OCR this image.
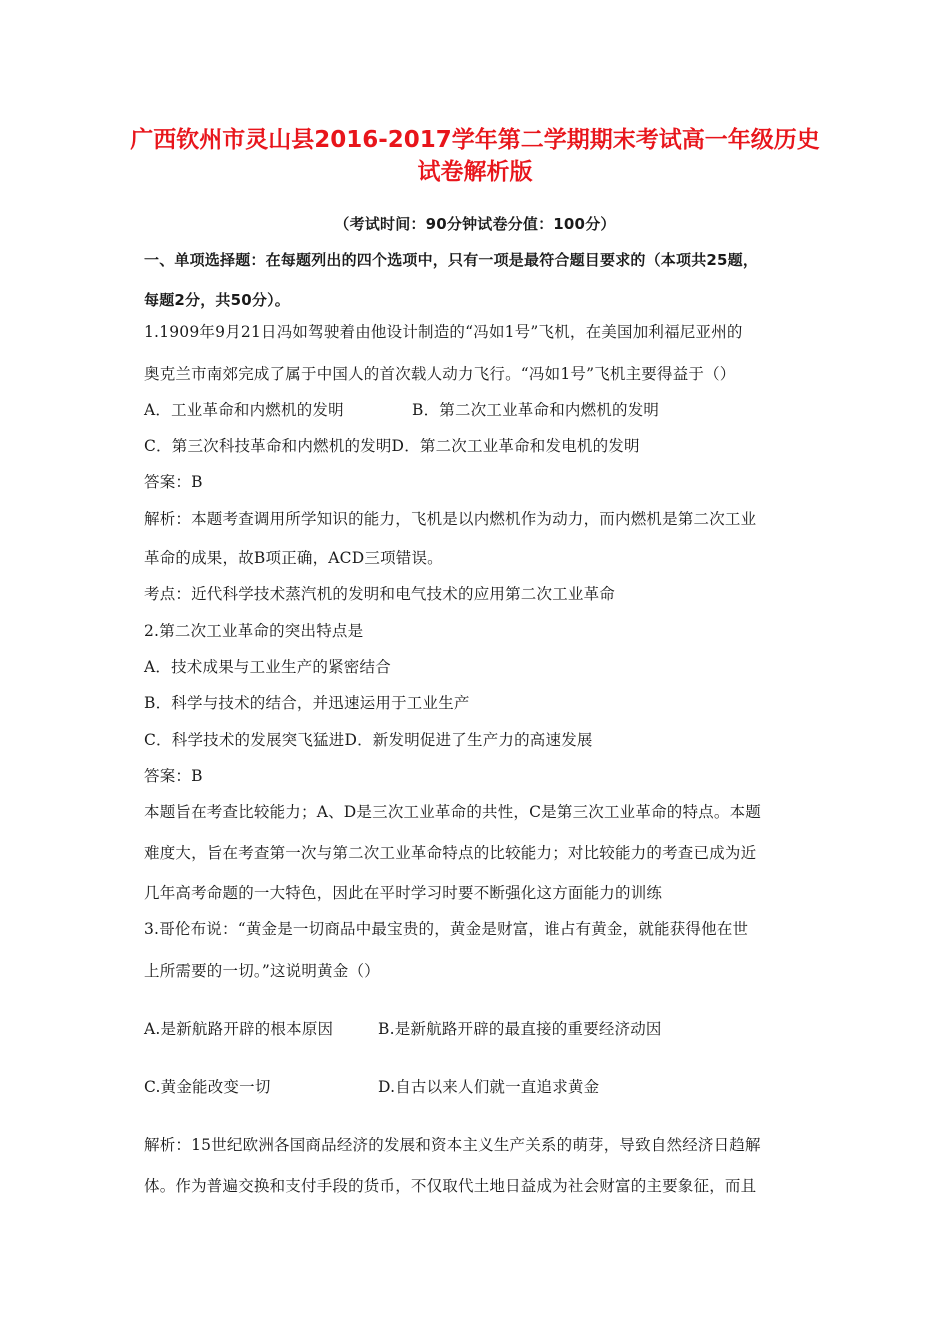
广西钦州市灵山县2016-2017学年第二学期期末考试高一年级历史
试卷解析版
（考试时间：90分钟试卷分值：100分）
一、单项选择题：在每题列出的四个选项中，只有一项是最符合题目要求的（本项共25题，
每题2分，共50分）。
1.1909年9月21日冯如驾驶着由他设计制造的“冯如1号”飞机，在美国加利福尼亚州的
奥克兰市南郊完成了属于中国人的首次载人动力飞行。“冯如1号”飞机主要得益于（）
A．工业革命和内燃机的发明	B．第二次工业革命和内燃机的发明
C．第三次科技革命和内燃机的发明D．第二次工业革命和发电机的发明
答案：B
解析：本题考查调用所学知识的能力，飞机是以内燃机作为动力，而内燃机是第二次工业
革命的成果，故B项正确，ACD三项错误。
考点：近代科学技术蒸汽机的发明和电气技术的应用第二次工业革命
2.第二次工业革命的突出特点是
A．技术成果与工业生产的紧密结合
B．科学与技术的结合，并迅速运用于工业生产
C．科学技术的发展突飞猛进D．新发明促进了生产力的高速发展
答案：B
本题旨在考查比较能力；A、D是三次工业革命的共性，C是第三次工业革命的特点。本题
难度大，旨在考查第一次与第二次工业革命特点的比较能力；对比较能力的考查已成为近
几年高考命题的一大特色，因此在平时学习时要不断强化这方面能力的训练
3.哥伦布说：“黄金是一切商品中最宝贵的，黄金是财富，谁占有黄金，就能获得他在世
上所需要的一切。”这说明黄金（）
A.是新航路开辟的根本原因	B.是新航路开辟的最直接的重要经济动因
C.黄金能改变一切	D.自古以来人们就一直追求黄金
解析：15世纪欧洲各国商品经济的发展和资本主义生产关系的萌芽，导致自然经济日趋解
体。作为普遍交换和支付手段的货币，不仅取代土地日益成为社会财富的主要象征，而且
